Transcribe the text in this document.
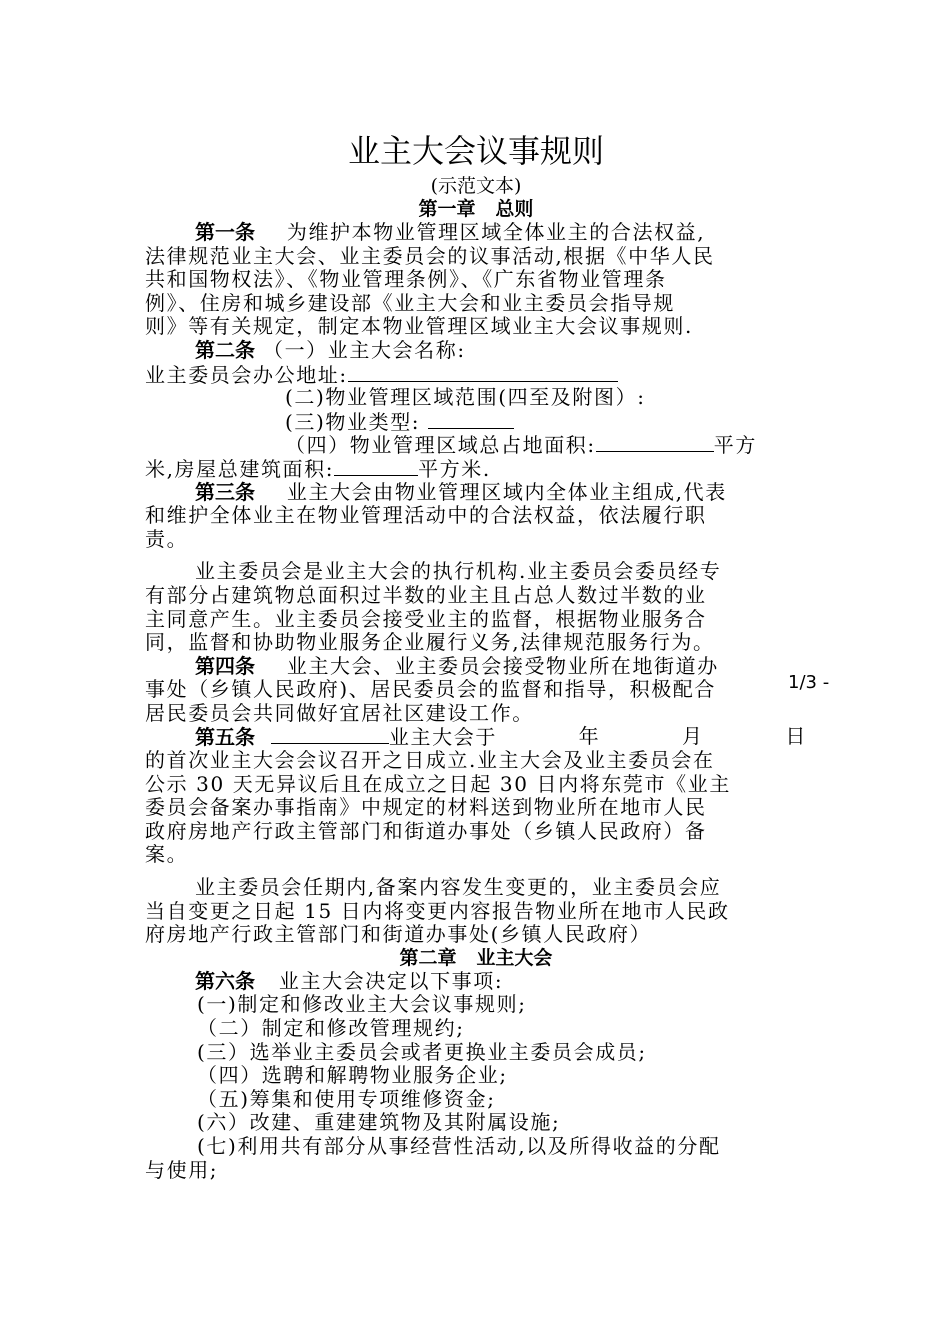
业主大会议事规则
(示范文本)
第一章 总则
第一条 为维护本物业管理区域全体业主的合法权益,
法律规范业主大会、业主委员会的议事活动,根据《中华人民
共和国物权法》、《物业管理条例》、《广东省物业管理条
例》、住房和城乡建设部《业主大会和业主委员会指导规
则》等有关规定，制定本物业管理区域业主大会议事规则.
第二条 （一）业主大会名称:
业主委员会办公地址:
(二)物业管理区域范围(四至及附图）:
(三)物业类型:
（四）物业管理区域总占地面积:	平方
米,房屋总建筑面积:	平方米.
第三条 业主大会由物业管理区域内全体业主组成,代表
和维护全体业主在物业管理活动中的合法权益，依法履行职
责。
业主委员会是业主大会的执行机构.业主委员会委员经专
有部分占建筑物总面积过半数的业主且占总人数过半数的业
主同意产生。业主委员会接受业主的监督，根据物业服务合
同，监督和协助物业服务企业履行义务,法律规范服务行为。
第四条 业主大会、业主委员会接受物业所在地街道办
事处（乡镇人民政府)、居民委员会的监督和指导，积极配合
居民委员会共同做好宜居社区建设工作。
第五条	业主大会于	年	月	日
的首次业主大会会议召开之日成立.业主大会及业主委员会在
公示 30 天无异议后且在成立之日起 30 日内将东莞市《业主
委员会备案办事指南》中规定的材料送到物业所在地市人民
政府房地产行政主管部门和街道办事处（乡镇人民政府）备
案。
业主委员会任期内,备案内容发生变更的，业主委员会应
当自变更之日起 15 日内将变更内容报告物业所在地市人民政
府房地产行政主管部门和街道办事处(乡镇人民政府）
第二章 业主大会
第六条 业主大会决定以下事项:
(一)制定和修改业主大会议事规则;
（二）制定和修改管理规约;
(三）选举业主委员会或者更换业主委员会成员;
（四）选聘和解聘物业服务企业;
（五)筹集和使用专项维修资金;
(六）改建、重建建筑物及其附属设施;
(七)利用共有部分从事经营性活动,以及所得收益的分配
与使用;
1/3 -
